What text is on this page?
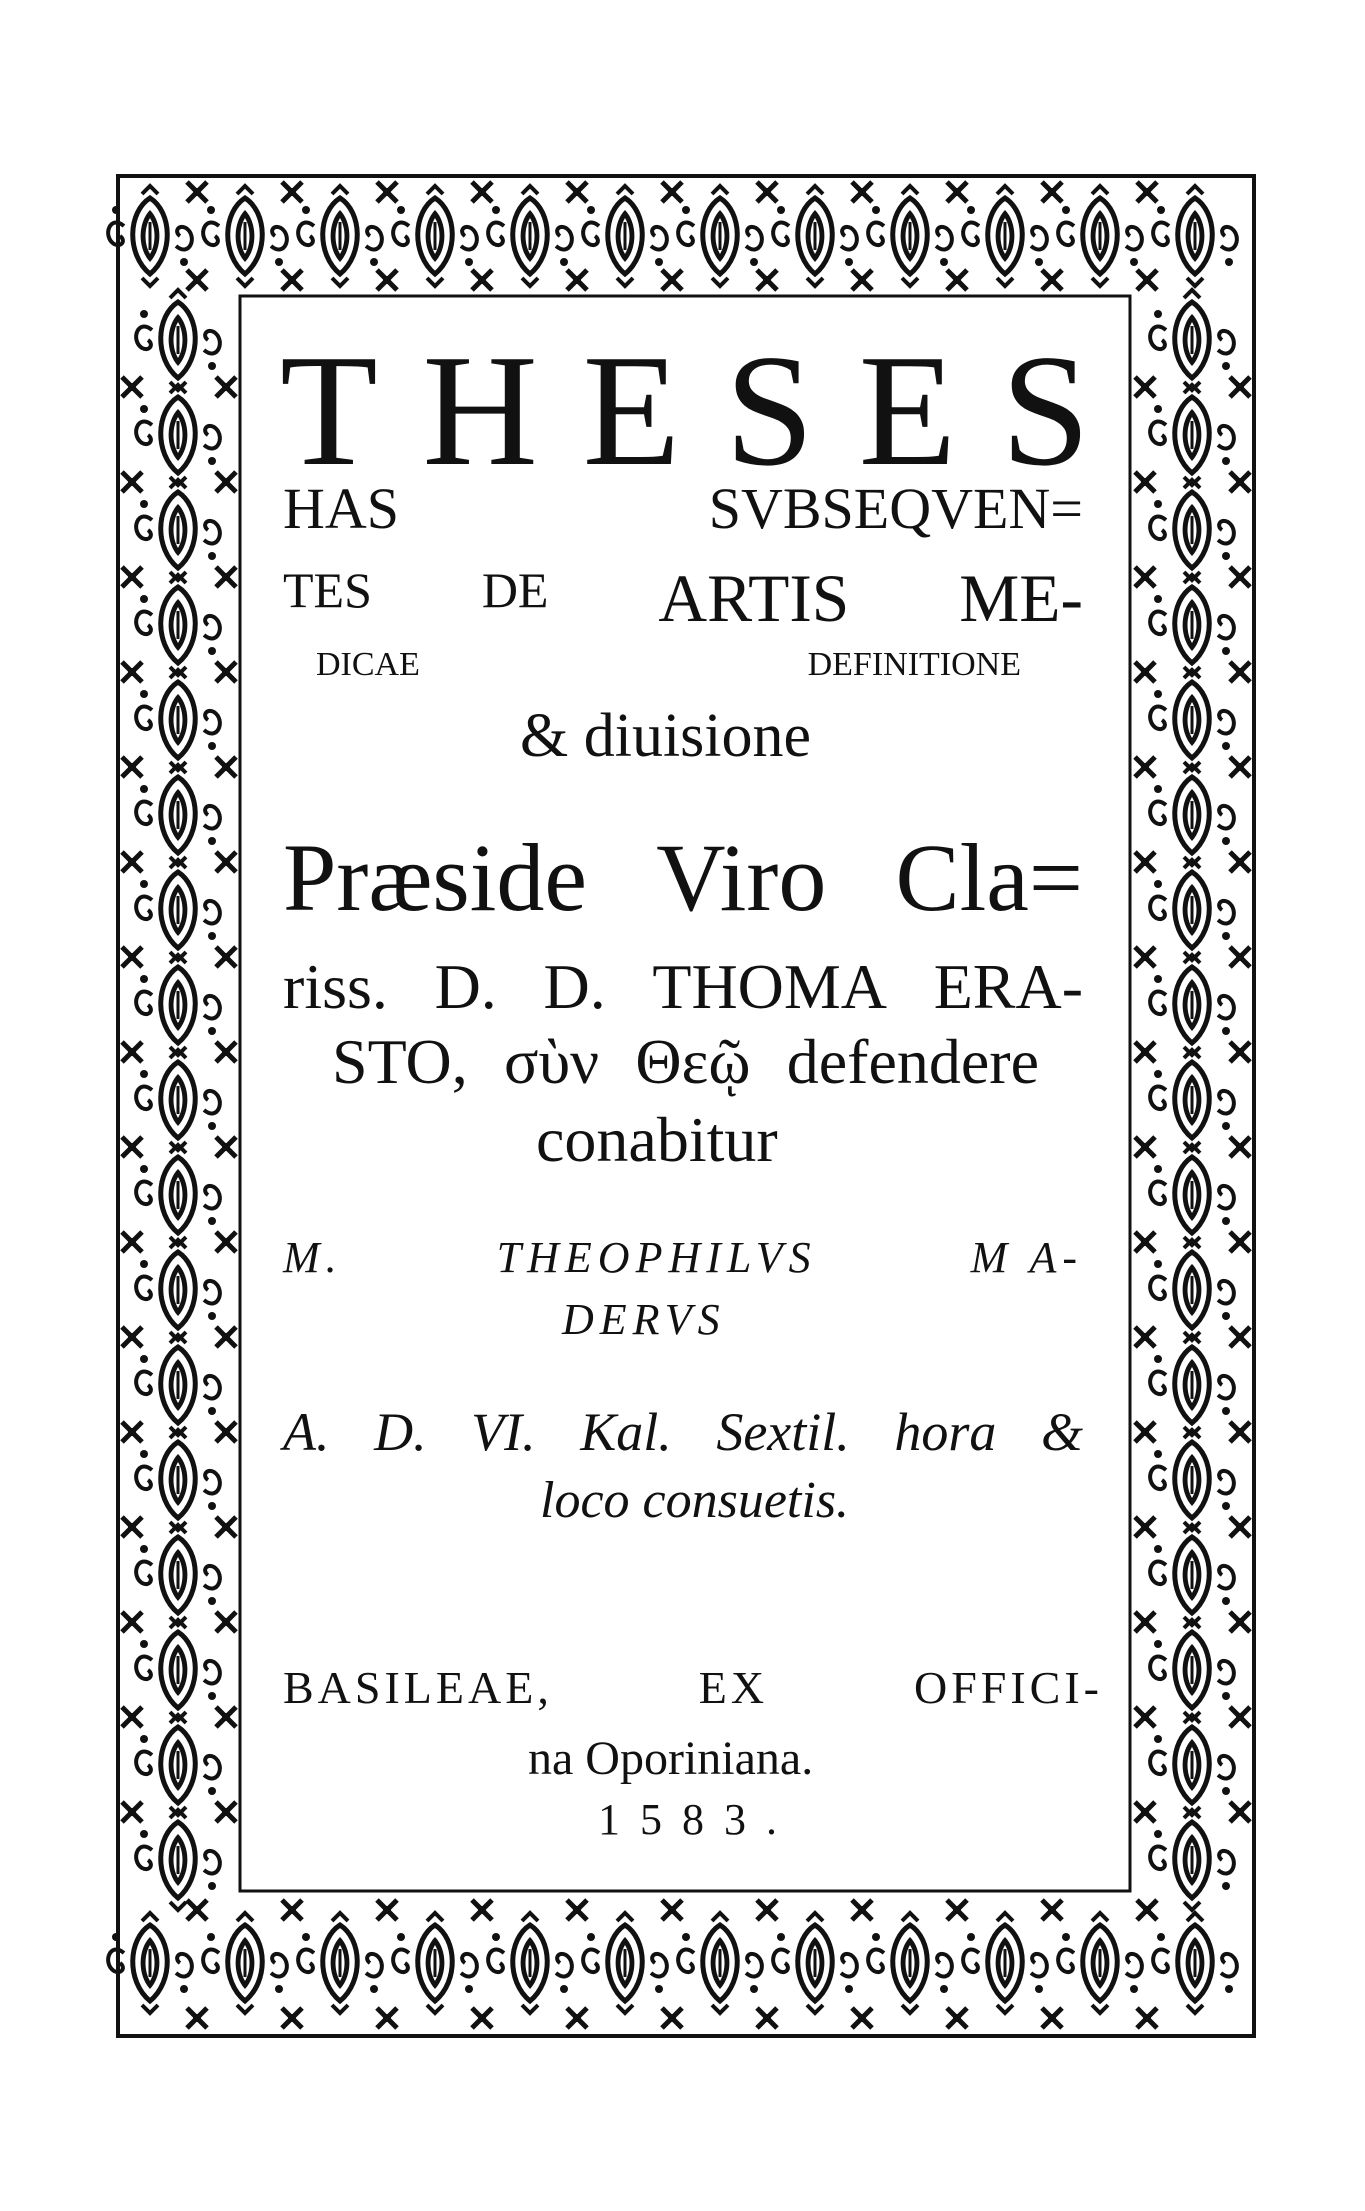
T H E S E S
HAS	SVBSEQVEN=
TES DE ARTIS ME-
DICAE	DEFINITIONE
& diuisione
Præside Viro Cla=
riss. D. D. THOMA ERA-
STO, σὺν Θεῷ defendere
conabitur
M.	THEOPHILVS	M A-
DERVS
A. D. VI. Kal. Sextil. hora &
loco consuetis.
BASILEAE,	EX	OFFICI-
na Oporiniana.
1583.
